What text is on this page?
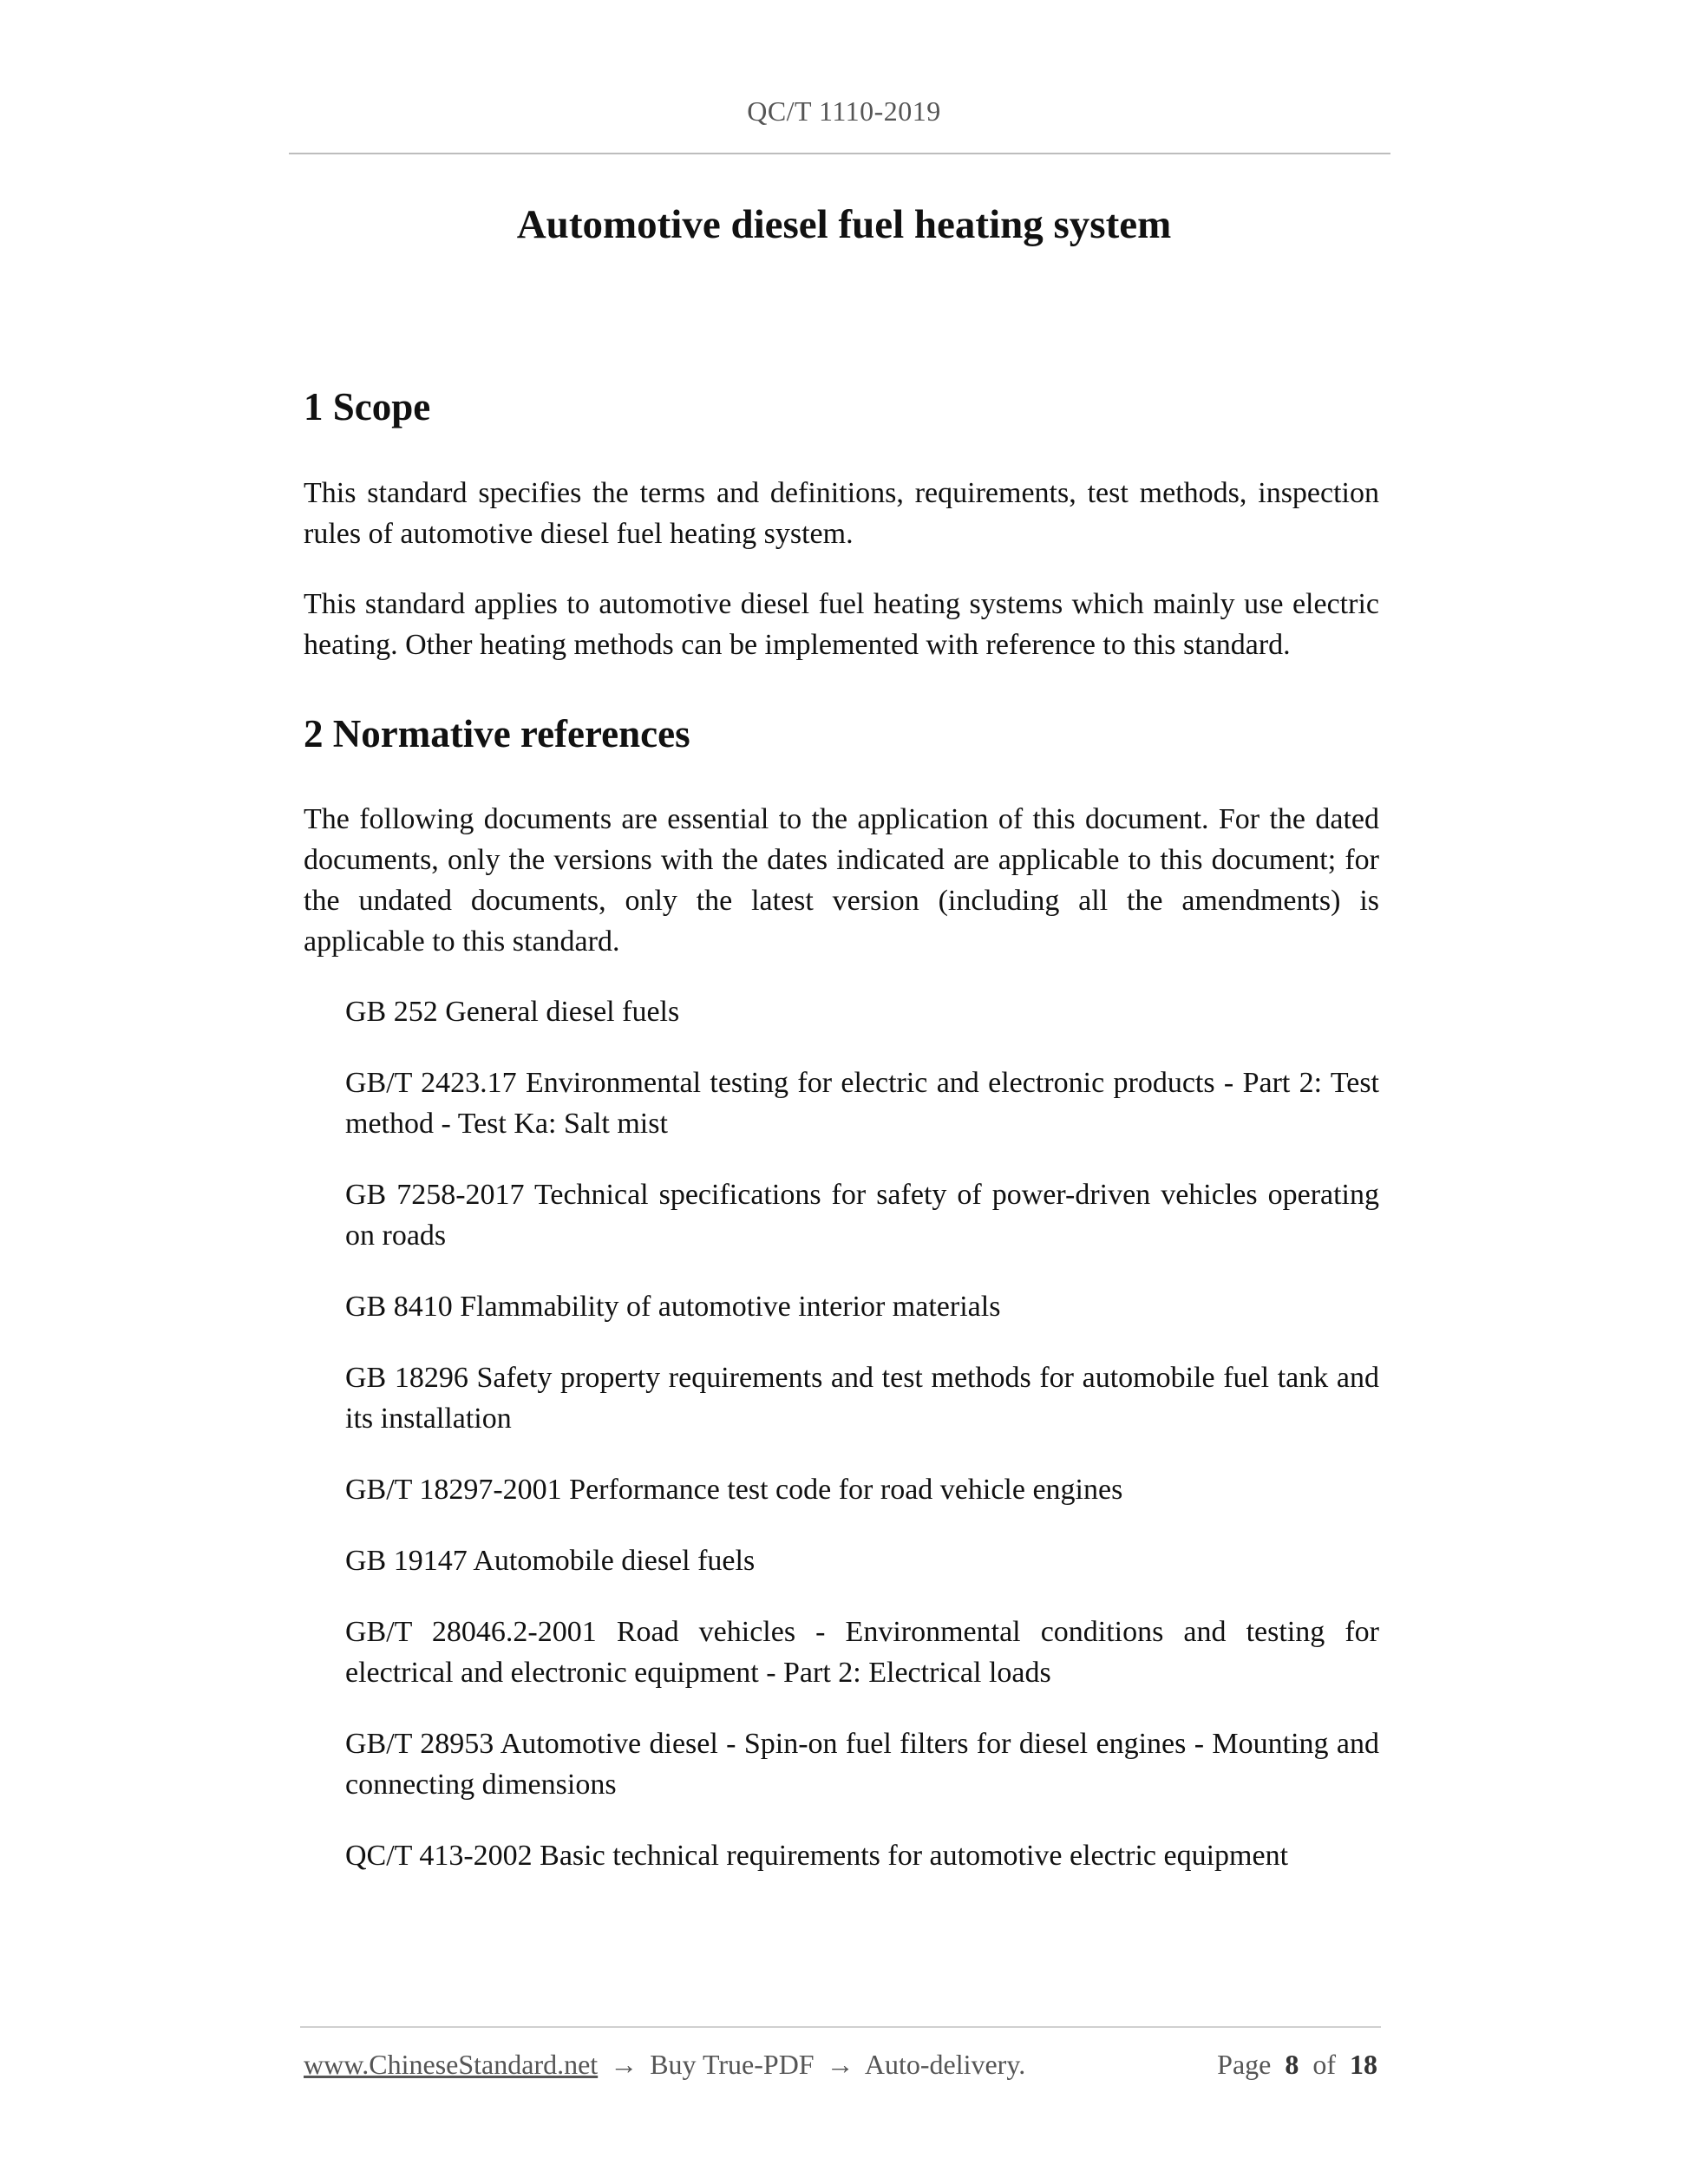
QC/T 1110-2019
Automotive diesel fuel heating system
1 Scope

This standard specifies the terms and definitions, requirements, test methods, inspection rules of automotive diesel fuel heating system.

This standard applies to automotive diesel fuel heating systems which mainly use electric heating. Other heating methods can be implemented with reference to this standard.

2 Normative references

The following documents are essential to the application of this document. For the dated documents, only the versions with the dates indicated are applicable to this document; for the undated documents, only the latest version (including all the amendments) is applicable to this standard.

GB 252 General diesel fuels
GB/T 2423.17 Environmental testing for electric and electronic products - Part 2: Test method - Test Ka: Salt mist
GB 7258-2017 Technical specifications for safety of power-driven vehicles operating on roads
GB 8410 Flammability of automotive interior materials
GB 18296 Safety property requirements and test methods for automobile fuel tank and its installation
GB/T 18297-2001 Performance test code for road vehicle engines
GB 19147 Automobile diesel fuels
GB/T 28046.2-2001 Road vehicles - Environmental conditions and testing for electrical and electronic equipment - Part 2: Electrical loads
GB/T 28953 Automotive diesel - Spin-on fuel filters for diesel engines - Mounting and connecting dimensions
QC/T 413-2002 Basic technical requirements for automotive electric equipment
www.ChineseStandard.net → Buy True-PDF → Auto-delivery.	Page 8 of 18
